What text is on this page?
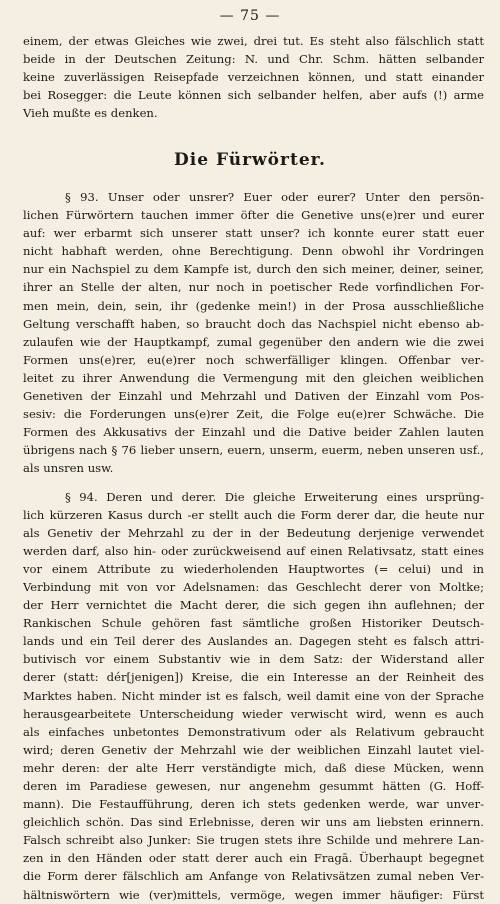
— 75 —
einem, der etwas Gleiches wie zwei, drei tut. Es steht also fälschlich statt
beide in der Deutschen Zeitung: N. und Chr. Schm. hätten selbander
keine zuverlässigen Reisepfade verzeichnen können, und statt einander
bei Rosegger: die Leute können sich selbander helfen, aber aufs (!) arme
Vieh mußte es denken.
Die Fürwörter.
§ 93. Unser oder unsrer? Euer oder eurer? Unter den persön-
lichen Fürwörtern tauchen immer öfter die Genetive uns(e)rer und eurer
auf: wer erbarmt sich unserer statt unser? ich konnte eurer statt euer
nicht habhaft werden, ohne Berechtigung. Denn obwohl ihr Vordringen
nur ein Nachspiel zu dem Kampfe ist, durch den sich meiner, deiner, seiner,
ihrer an Stelle der alten, nur noch in poetischer Rede vorfindlichen For-
men mein, dein, sein, ihr (gedenke mein!) in der Prosa ausschließliche
Geltung verschafft haben, so braucht doch das Nachspiel nicht ebenso ab-
zulaufen wie der Hauptkampf, zumal gegenüber den andern wie die zwei
Formen uns(e)rer, eu(e)rer noch schwerfälliger klingen. Offenbar ver-
leitet zu ihrer Anwendung die Vermengung mit den gleichen weiblichen
Genetiven der Einzahl und Mehrzahl und Dativen der Einzahl vom Pos-
sesiv: die Forderungen uns(e)rer Zeit, die Folge eu(e)rer Schwäche. Die
Formen des Akkusativs der Einzahl und die Dative beider Zahlen lauten
übrigens nach § 76 lieber unsern, euern, unserm, euerm, neben unseren usf.,
als unsren usw.
§ 94. Deren und derer. Die gleiche Erweiterung eines ursprüng-
lich kürzeren Kasus durch -er stellt auch die Form derer dar, die heute nur
als Genetiv der Mehrzahl zu der in der Bedeutung derjenige verwendet
werden darf, also hin- oder zurückweisend auf einen Relativsatz, statt eines
vor einem Attribute zu wiederholenden Hauptwortes (= celui) und in
Verbindung mit von vor Adelsnamen: das Geschlecht derer von Moltke;
der Herr vernichtet die Macht derer, die sich gegen ihn auflehnen; der
Rankischen Schule gehören fast sämtliche großen Historiker Deutsch-
lands und ein Teil derer des Auslandes an. Dagegen steht es falsch attri-
butivisch vor einem Substantiv wie in dem Satz: der Widerstand aller
derer (statt: dér[jenigen]) Kreise, die ein Interesse an der Reinheit des
Marktes haben. Nicht minder ist es falsch, weil damit eine von der Sprache
herausgearbeitete Unterscheidung wieder verwischt wird, wenn es auch
als einfaches unbetontes Demonstrativum oder als Relativum gebraucht
wird; deren Genetiv der Mehrzahl wie der weiblichen Einzahl lautet viel-
mehr deren: der alte Herr verständigte mich, daß diese Mücken, wenn
deren im Paradiese gewesen, nur angenehm gesummt hätten (G. Hoff-
mann). Die Festaufführung, deren ich stets gedenken werde, war unver-
gleichlich schön. Das sind Erlebnisse, deren wir uns am liebsten erinnern.
Falsch schreibt also Junker: Sie trugen stets ihre Schilde und mehrere Lan-
zen in den Händen oder statt derer auch ein Fragā. Überhaupt begegnet
die Form derer fälschlich am Anfange von Relativsätzen zumal neben Ver-
hältniswörtern wie (ver)mittels, vermöge, wegen immer häufiger: Fürst
